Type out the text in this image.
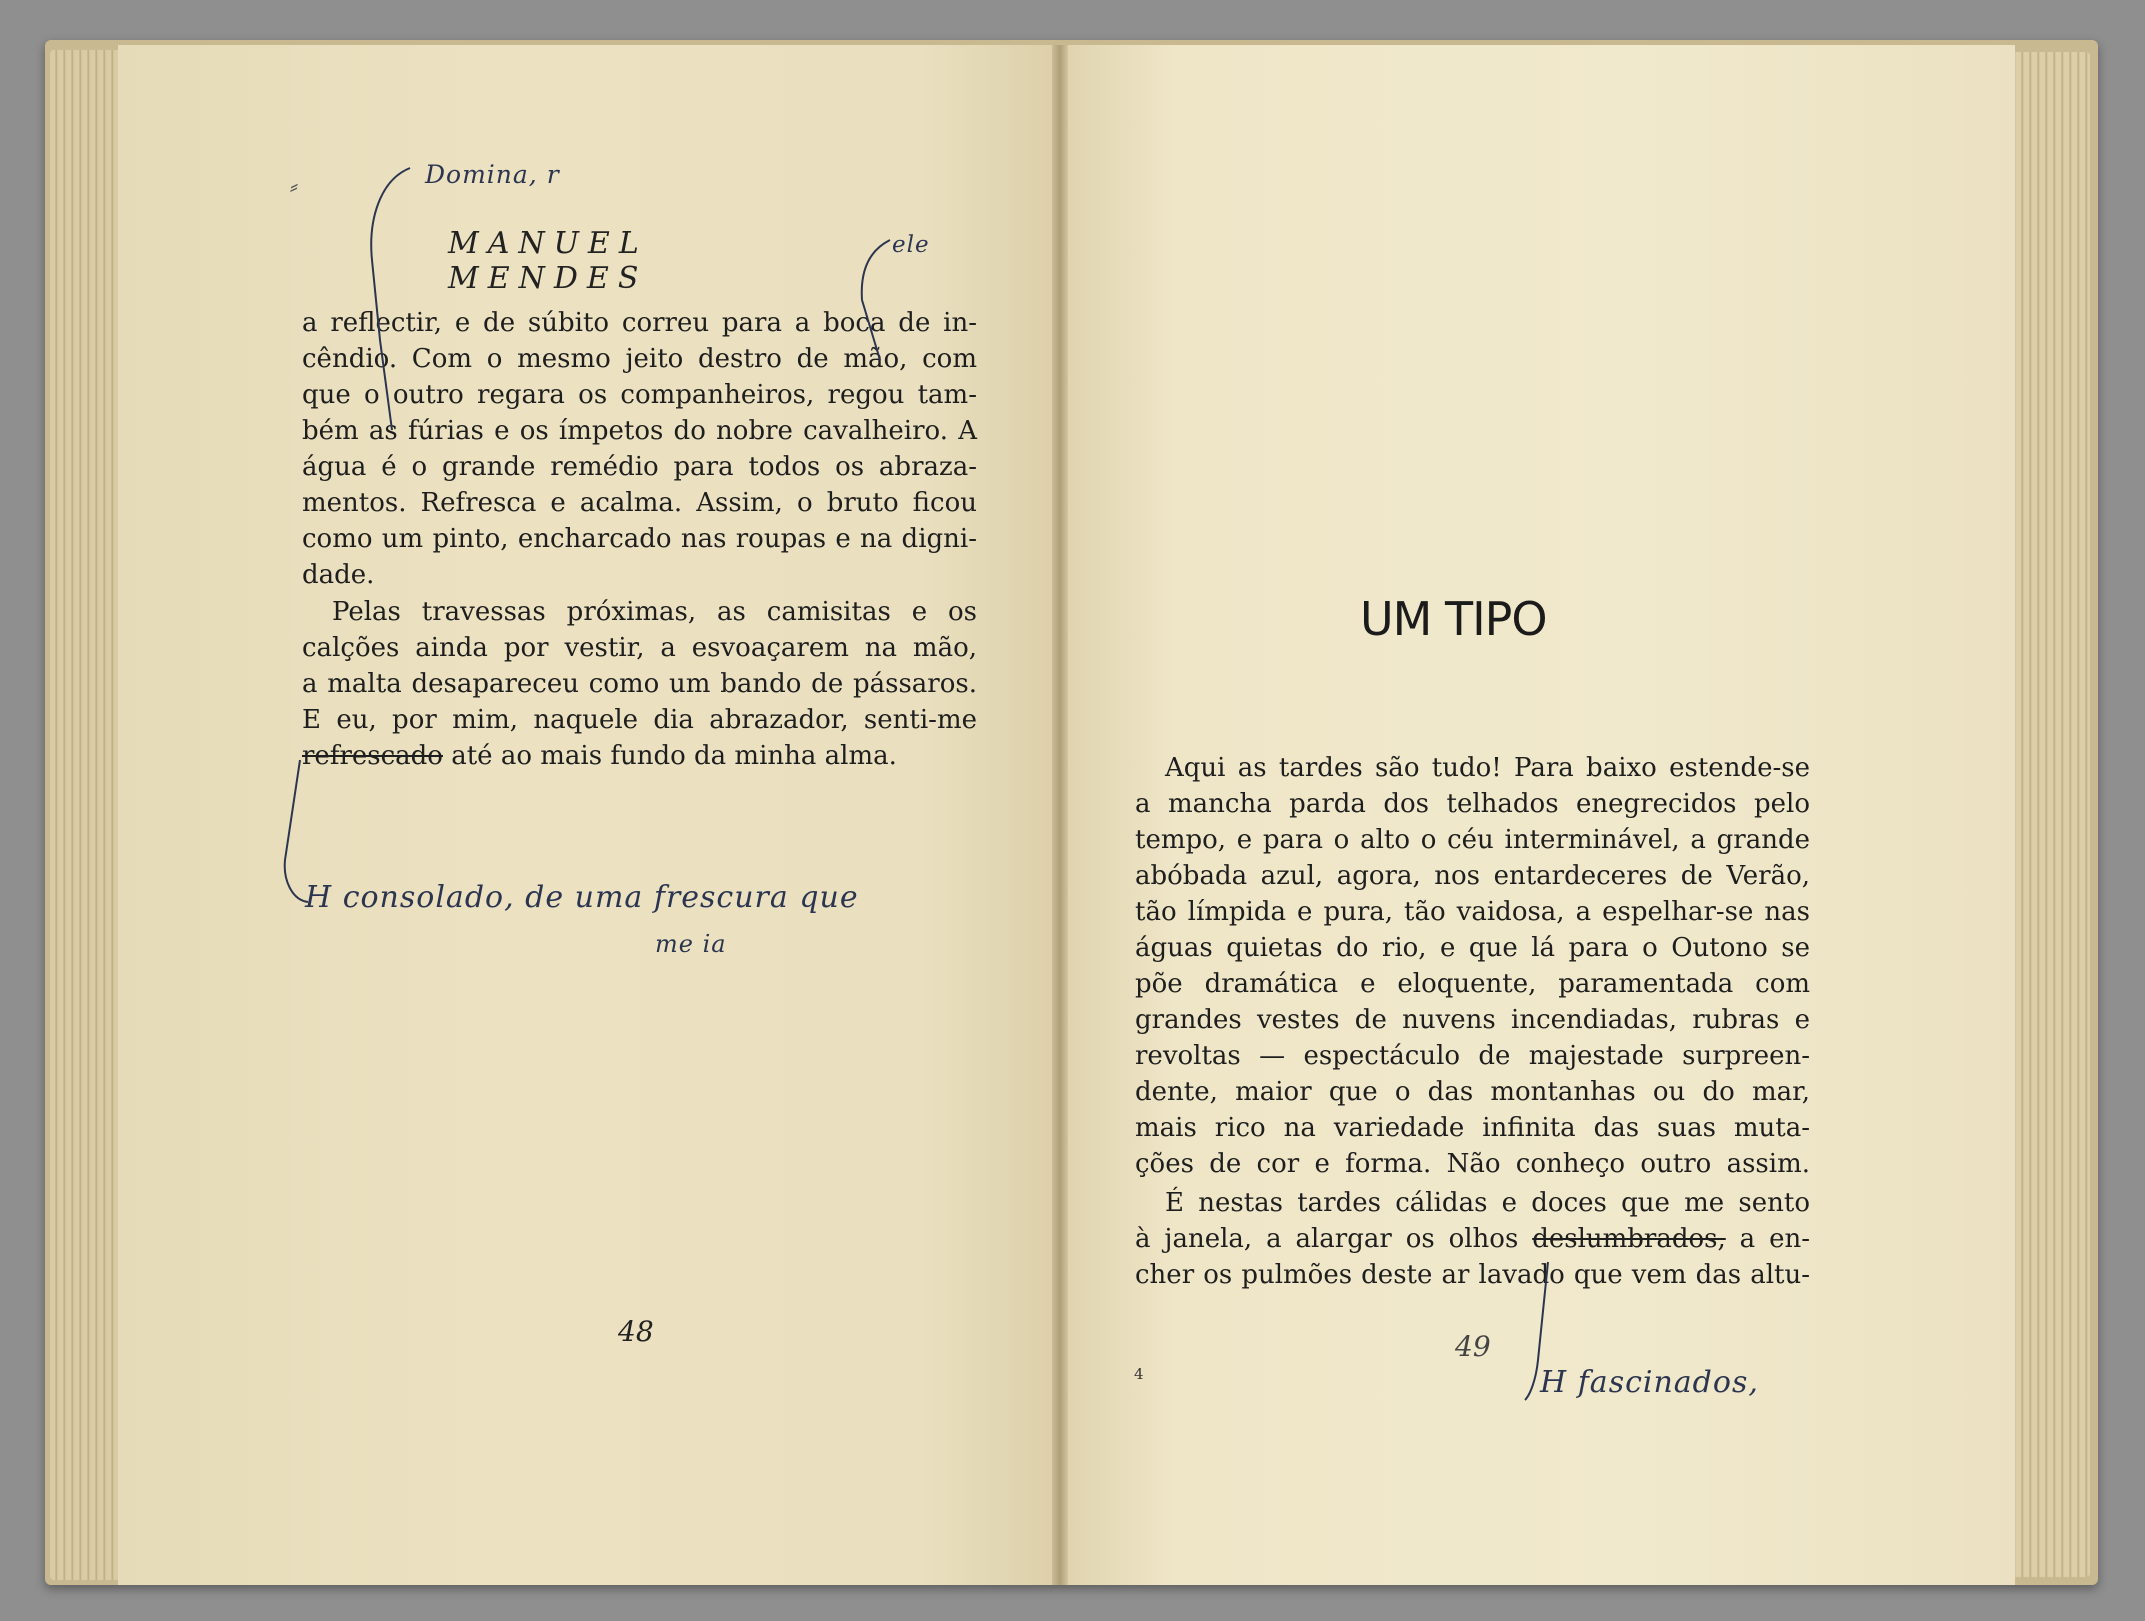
⸗	Domina, r
MANUEL MENDES
ele
a reflectir, e de súbito correu para a boca de in-
cêndio. Com o mesmo jeito destro de mão, com
que o outro regara os companheiros, regou tam-
bém as fúrias e os ímpetos do nobre cavalheiro. A
água é o grande remédio para todos os abraza-
mentos. Refresca e acalma. Assim, o bruto ficou
como um pinto, encharcado nas roupas e na digni-
dade.
Pelas travessas próximas, as camisitas e os
calções ainda por vestir, a esvoaçarem na mão,
a malta desapareceu como um bando de pássaros.
E eu, por mim, naquele dia abrazador, senti-me
refrescado até ao mais fundo da minha alma.
H consolado, de uma frescura que
me ia
48
UM TIPO
Aqui as tardes são tudo! Para baixo estende-se
a mancha parda dos telhados enegrecidos pelo
tempo, e para o alto o céu interminável, a grande
abóbada azul, agora, nos entardeceres de Verão,
tão límpida e pura, tão vaidosa, a espelhar-se nas
águas quietas do rio, e que lá para o Outono se
põe dramática e eloquente, paramentada com
grandes vestes de nuvens incendiadas, rubras e
revoltas — espectáculo de majestade surpreen-
dente, maior que o das montanhas ou do mar,
mais rico na variedade infinita das suas muta-
ções de cor e forma. Não conheço outro assim.
É nestas tardes cálidas e doces que me sento
à janela, a alargar os olhos deslumbrados, a en-
cher os pulmões deste ar lavado que vem das altu-
49
4	H fascinados,
